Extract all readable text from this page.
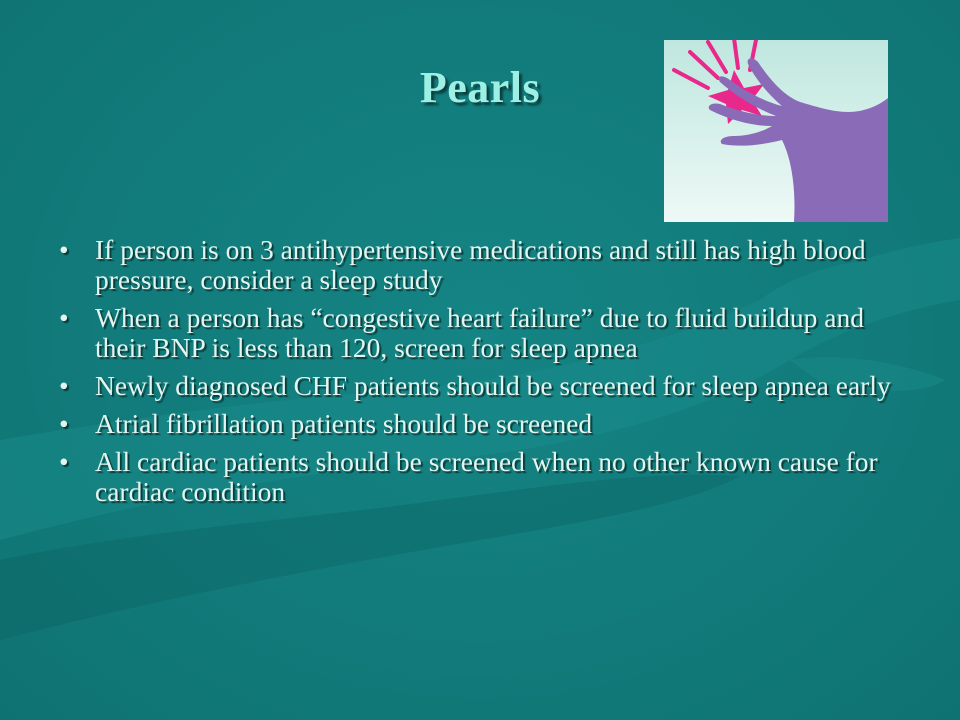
Pearls
• If person is on 3 antihypertensive medications and still has high blood pressure, consider a sleep study
• When a person has “congestive heart failure” due to fluid buildup and their BNP is less than 120, screen for sleep apnea
• Newly diagnosed CHF patients should be screened for sleep apnea early
• Atrial fibrillation patients should be screened
• All cardiac patients should be screened when no other known cause for cardiac condition
